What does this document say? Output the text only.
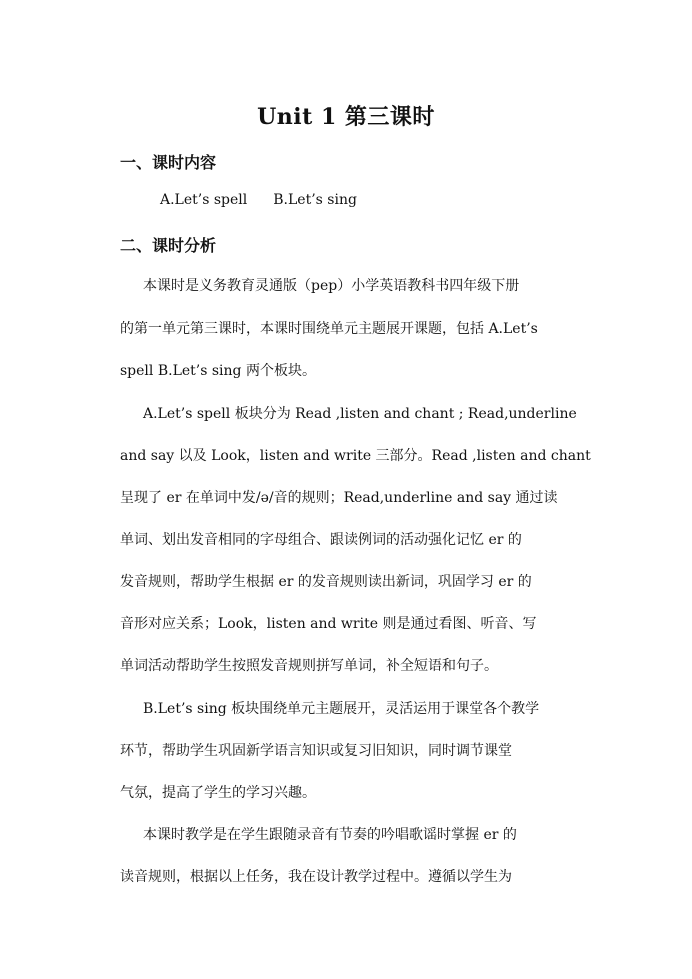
Unit 1 第三课时
一、课时内容
A.Let’s spell B.Let’s sing
二、课时分析
本课时是义务教育灵通版（pep）小学英语教科书四年级下册
的第一单元第三课时，本课时围绕单元主题展开课题，包括 A.Let’s
spell B.Let’s sing 两个板块。
A.Let’s spell 板块分为 Read ,listen and chant ; Read,underline
and say 以及 Look，listen and write 三部分。Read ,listen and chant
呈现了 er 在单词中发/ə/音的规则；Read,underline and say 通过读
单词、划出发音相同的字母组合、跟读例词的活动强化记忆 er 的
发音规则，帮助学生根据 er 的发音规则读出新词，巩固学习 er 的
音形对应关系；Look，listen and write 则是通过看图、听音、写
单词活动帮助学生按照发音规则拼写单词，补全短语和句子。
B.Let’s sing 板块围绕单元主题展开，灵活运用于课堂各个教学
环节，帮助学生巩固新学语言知识或复习旧知识，同时调节课堂
气氛，提高了学生的学习兴趣。
本课时教学是在学生跟随录音有节奏的吟唱歌谣时掌握 er 的
读音规则，根据以上任务，我在设计教学过程中。遵循以学生为
